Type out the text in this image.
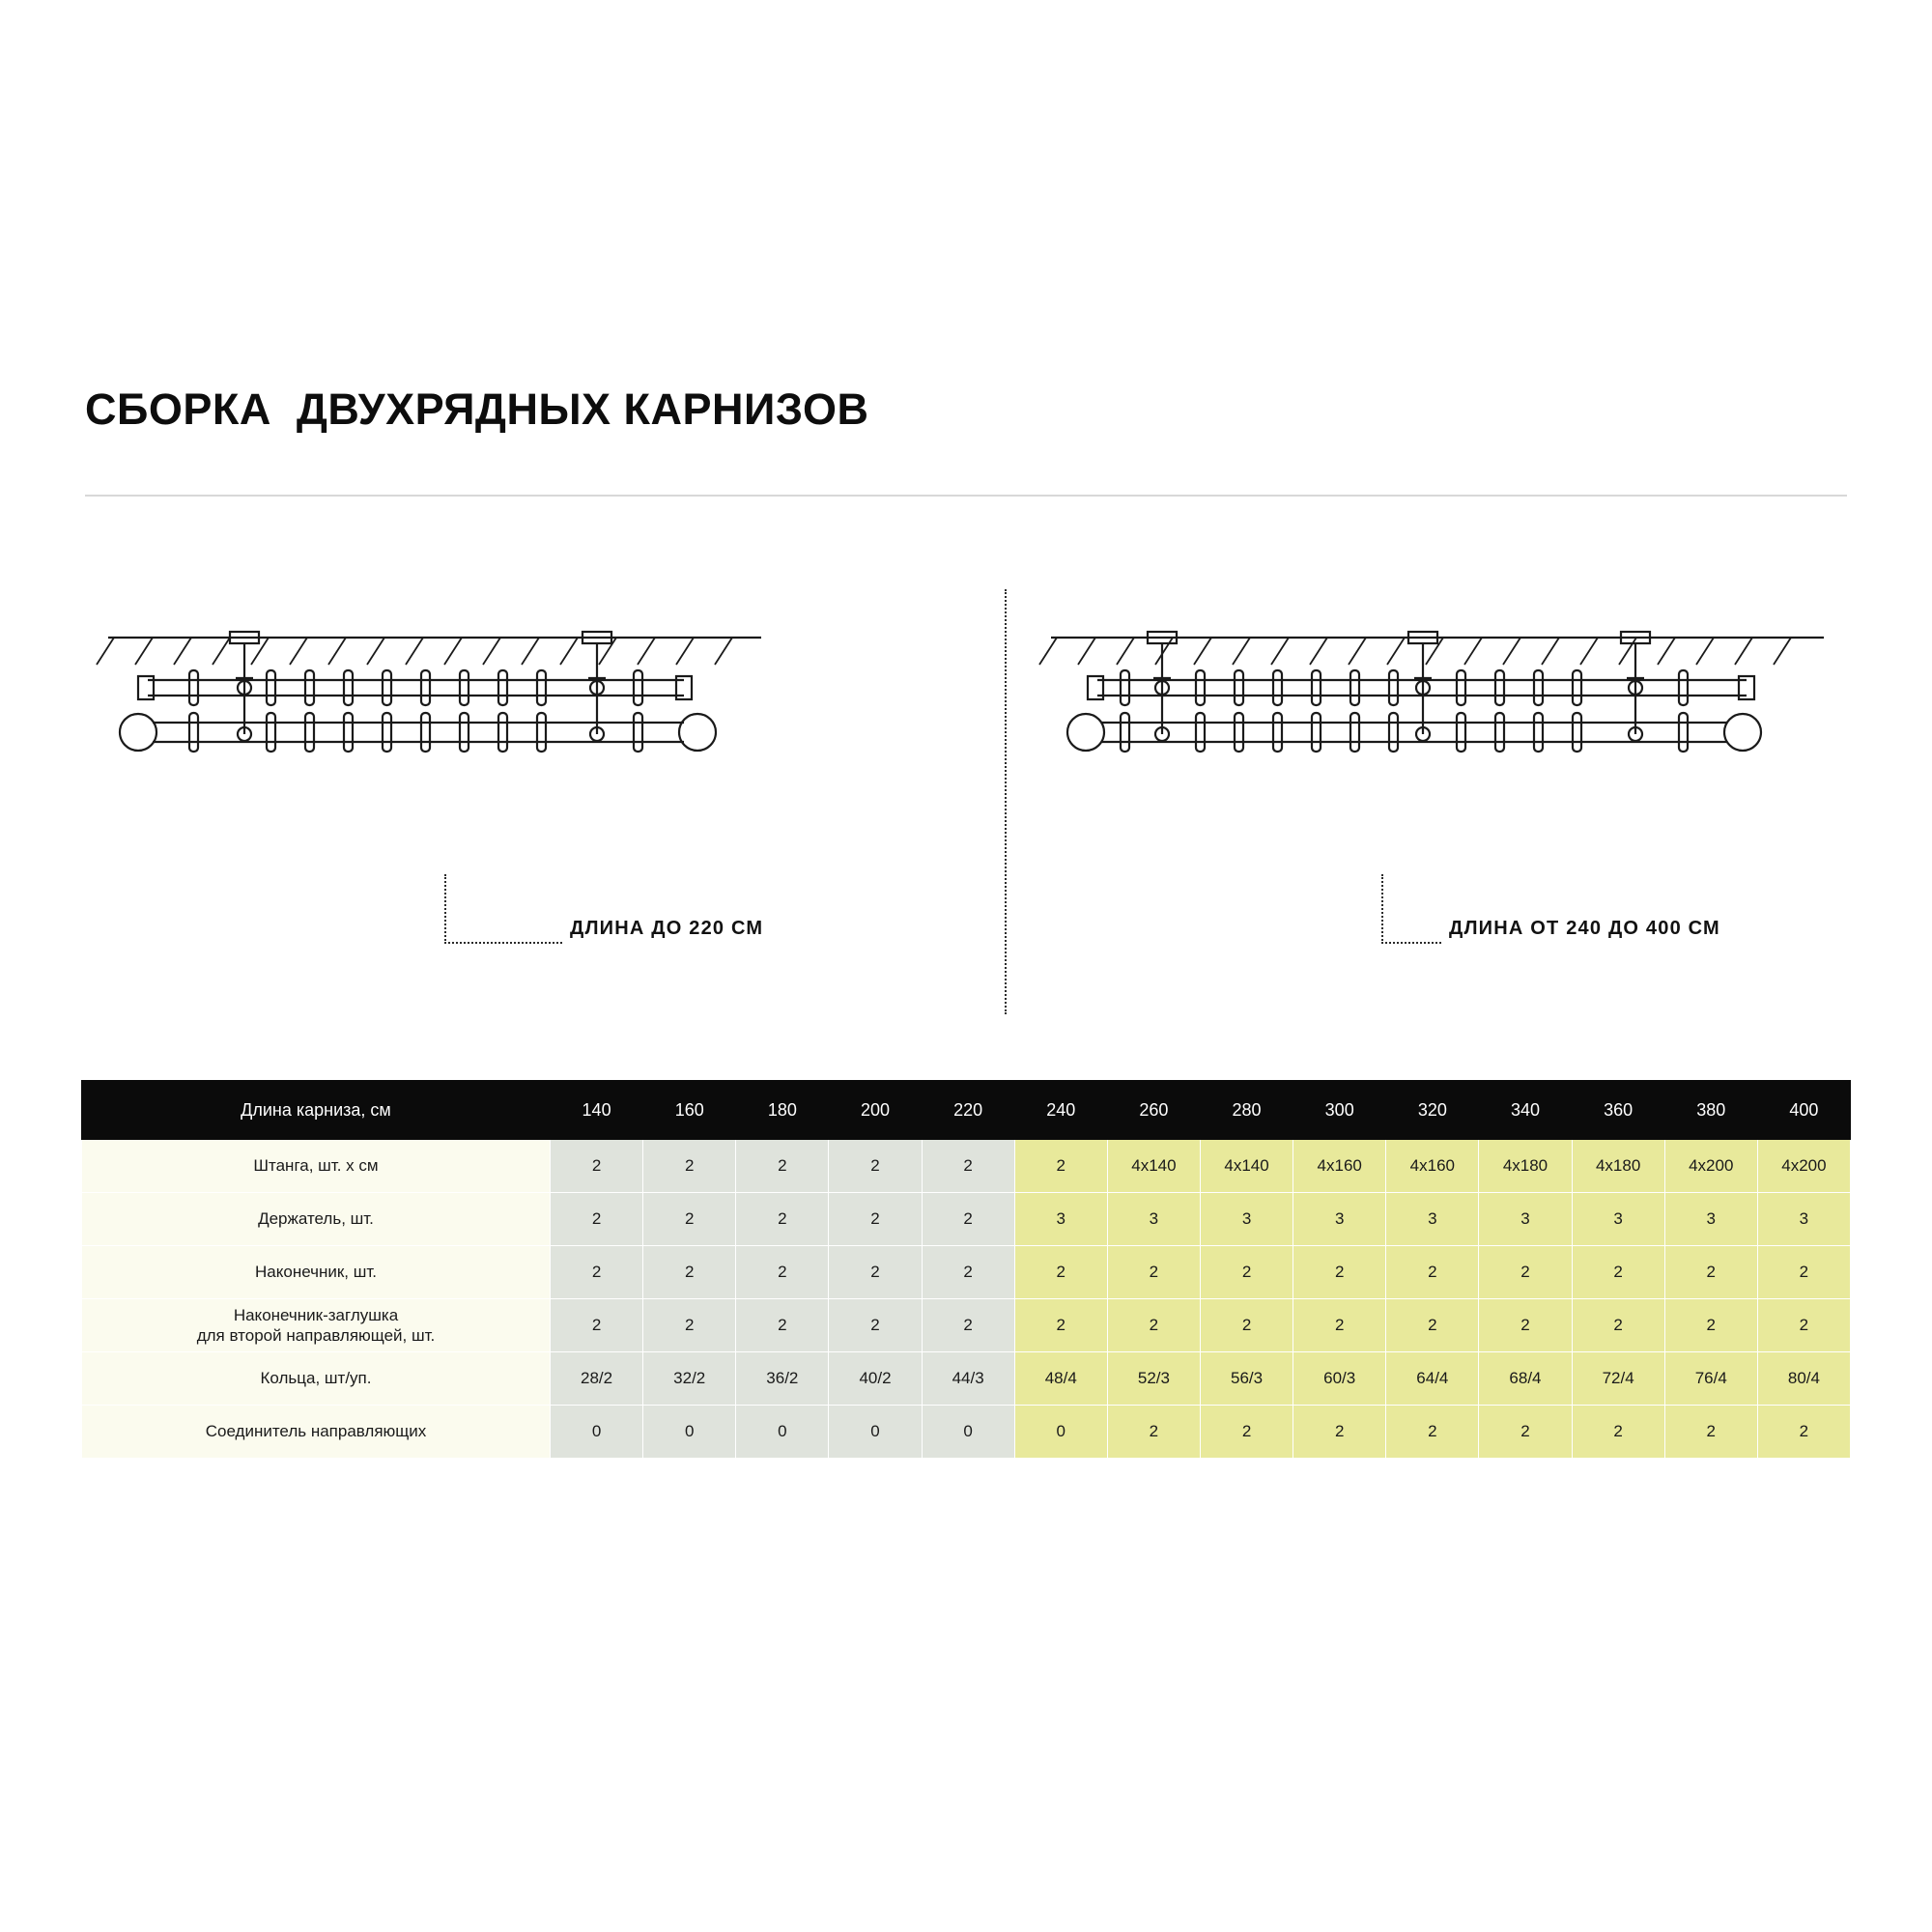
СБОРКА  ДВУХРЯДНЫХ КАРНИЗОВ
ДЛИНА ДО 220 СМ	ДЛИНА ОТ 240 ДО 400 СМ
Длина карниза, см	140	160	180	200	220	240	260	280	300	320	340	360	380	400
Штанга, шт. х см	2	2	2	2	2	2	4х140	4х140	4х160	4х160	4х180	4х180	4х200	4х200
Держатель, шт.	2	2	2	2	2	3	3	3	3	3	3	3	3	3
Наконечник, шт.	2	2	2	2	2	2	2	2	2	2	2	2	2	2
Наконечник-заглушка
для второй направляющей, шт.	2	2	2	2	2	2	2	2	2	2	2	2	2	2
Кольца, шт/уп.	28/2	32/2	36/2	40/2	44/3	48/4	52/3	56/3	60/3	64/4	68/4	72/4	76/4	80/4
Соединитель направляющих	0	0	0	0	0	0	2	2	2	2	2	2	2	2
